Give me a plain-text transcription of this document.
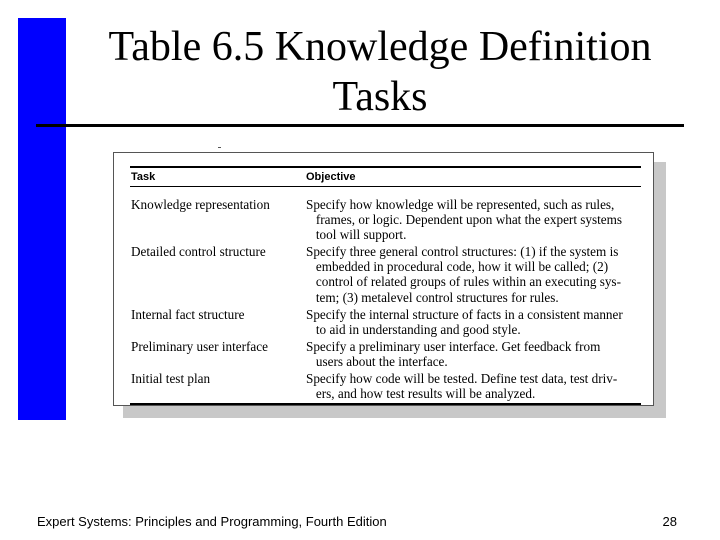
Table 6.5 Knowledge Definition
Tasks
Task	Objective
Knowledge representation	Specify how knowledge will be represented, such as rules,
frames, or logic. Dependent upon what the expert systems
tool will support.
Detailed control structure	Specify three general control structures: (1) if the system is
embedded in procedural code, how it will be called; (2)
control of related groups of rules within an executing sys-
tem; (3) metalevel control structures for rules.
Internal fact structure	Specify the internal structure of facts in a consistent manner
to aid in understanding and good style.
Preliminary user interface	Specify a preliminary user interface. Get feedback from
users about the interface.
Initial test plan	Specify how code will be tested. Define test data, test driv-
ers, and how test results will be analyzed.
Expert Systems: Principles and Programming, Fourth Edition	28
